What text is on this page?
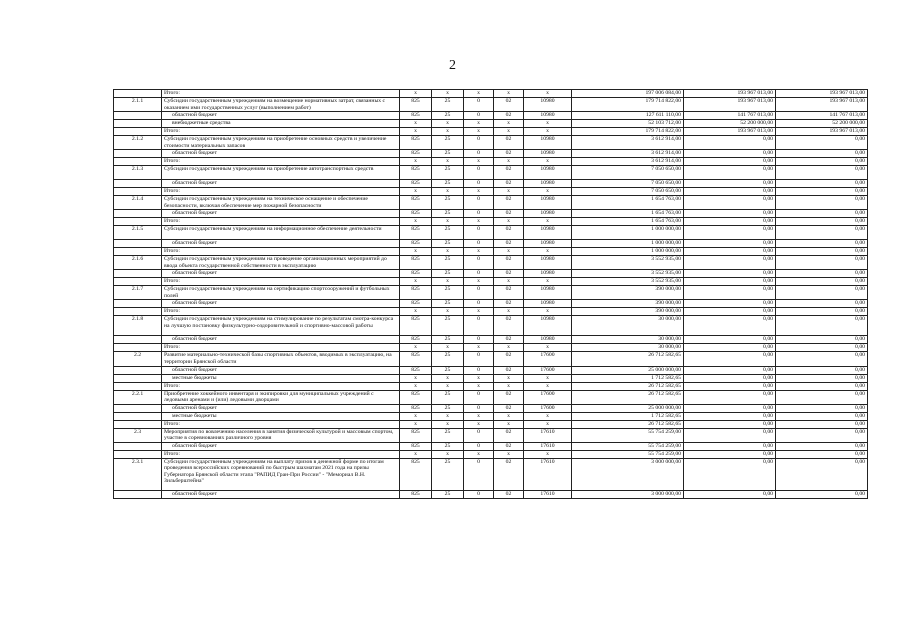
2
	Итого:	x	x	x	x	x	197 006 084,00	193 967 013,00	193 967 013,00
2.1.1	Субсидии государственным учреждениям на возмещение нормативных затрат, связанных с оказанием ими государственных услуг (выполнением работ)	825	25	0	02	10980	179 714 822,00	193 967 013,00	193 967 013,00
	областной бюджет	825	25	0	02	10980	127 611 110,00	141 767 013,00	141 767 013,00
	внебюджетные средства	x	x	x	x	x	52 103 712,00	52 200 000,00	52 200 000,00
	Итого:	x	x	x	x	x	179 714 822,00	193 967 013,00	193 967 013,00
2.1.2	Субсидии государственным учреждениям на приобретение основных средств и увеличение стоимости материальных запасов	825	25	0	02	10980	3 612 914,00	0,00	0,00
	областной бюджет	825	25	0	02	10980	3 612 914,00	0,00	0,00
	Итого:	x	x	x	x	x	3 612 914,00	0,00	0,00
2.1.3	Субсидии государственным учреждениям на приобретение автотранспортных средств	825	25	0	02	10980	7 050 650,00	0,00	0,00
	областной бюджет	825	25	0	02	10980	7 050 650,00	0,00	0,00
	Итого:	x	x	x	x	x	7 050 650,00	0,00	0,00
2.1.4	Субсидии государственным учреждениям на техническое оснащение и обеспечение безопасности, включая обеспечение мер пожарной безопасности	825	25	0	02	10980	1 654 763,00	0,00	0,00
	областной бюджет	825	25	0	02	10980	1 654 763,00	0,00	0,00
	Итого:	x	x	x	x	x	1 654 763,00	0,00	0,00
2.1.5	Субсидии государственным учреждениям на информационное обеспечение деятельности	825	25	0	02	10980	1 000 000,00	0,00	0,00
	областной бюджет	825	25	0	02	10980	1 000 000,00	0,00	0,00
	Итого:	x	x	x	x	x	1 000 000,00	0,00	0,00
2.1.6	Субсидии государственным учреждениям на проведение организационных мероприятий до ввода объекта государственной собственности в эксплуатацию	825	25	0	02	10980	3 552 935,00	0,00	0,00
	областной бюджет	825	25	0	02	10980	3 552 935,00	0,00	0,00
	Итого:	x	x	x	x	x	3 552 935,00	0,00	0,00
2.1.7	Субсидии государственным учреждениям на сертификацию спортсооружений и футбольных полей	825	25	0	02	10980	390 000,00	0,00	0,00
	областной бюджет	825	25	0	02	10980	390 000,00	0,00	0,00
	Итого:	x	x	x	x	x	390 000,00	0,00	0,00
2.1.8	Субсидии государственным учреждениям на стимулирование по результатам смотра-конкурса на лучшую постановку физкультурно-оздоровительной и спортивно-массовой работы	825	25	0	02	10980	30 000,00	0,00	0,00
	областной бюджет	825	25	0	02	10980	30 000,00	0,00	0,00
	Итого:	x	x	x	x	x	30 000,00	0,00	0,00
2.2	Развитие материально-технической базы спортивных объектов, вводимых в эксплуатацию, на территории Брянской области	825	25	0	02	17600	26 712 582,65	0,00	0,00
	областной бюджет	825	25	0	02	17600	25 000 000,00	0,00	0,00
	местные бюджеты	x	x	x	x	x	1 712 582,65	0,00	0,00
	Итого:	x	x	x	x	x	26 712 582,65	0,00	0,00
2.2.1	Приобретение хоккейного инвентаря и экипировки для муниципальных учреждений с ледовыми аренами и (или) ледовыми дворцами	825	25	0	02	17600	26 712 582,65	0,00	0,00
	областной бюджет	825	25	0	02	17600	25 000 000,00	0,00	0,00
	местные бюджеты	x	x	x	x	x	1 712 582,65	0,00	0,00
	Итого:	x	x	x	x	x	26 712 582,65	0,00	0,00
2.3	Мероприятия по вовлечению населения в занятия физической культурой и массовым спортом, участие в соревнованиях различного уровня	825	25	0	02	17610	55 754 259,00	0,00	0,00
	областной бюджет	825	25	0	02	17610	55 754 259,00	0,00	0,00
	Итого:	x	x	x	x	x	55 754 259,00	0,00	0,00
2.3.1	Субсидии государственным учреждениям на выплату призов в денежной форме по итогам проведения всероссийских соревнований по быстрым шахматам 2021 года на призы Губернатора Брянской области этапа "РАПИД Гран-При России" - "Мемориал В.Н. Зильберштейна"	825	25	0	02	17610	3 000 000,00	0,00	0,00
	областной бюджет	825	25	0	02	17610	3 000 000,00	0,00	0,00
